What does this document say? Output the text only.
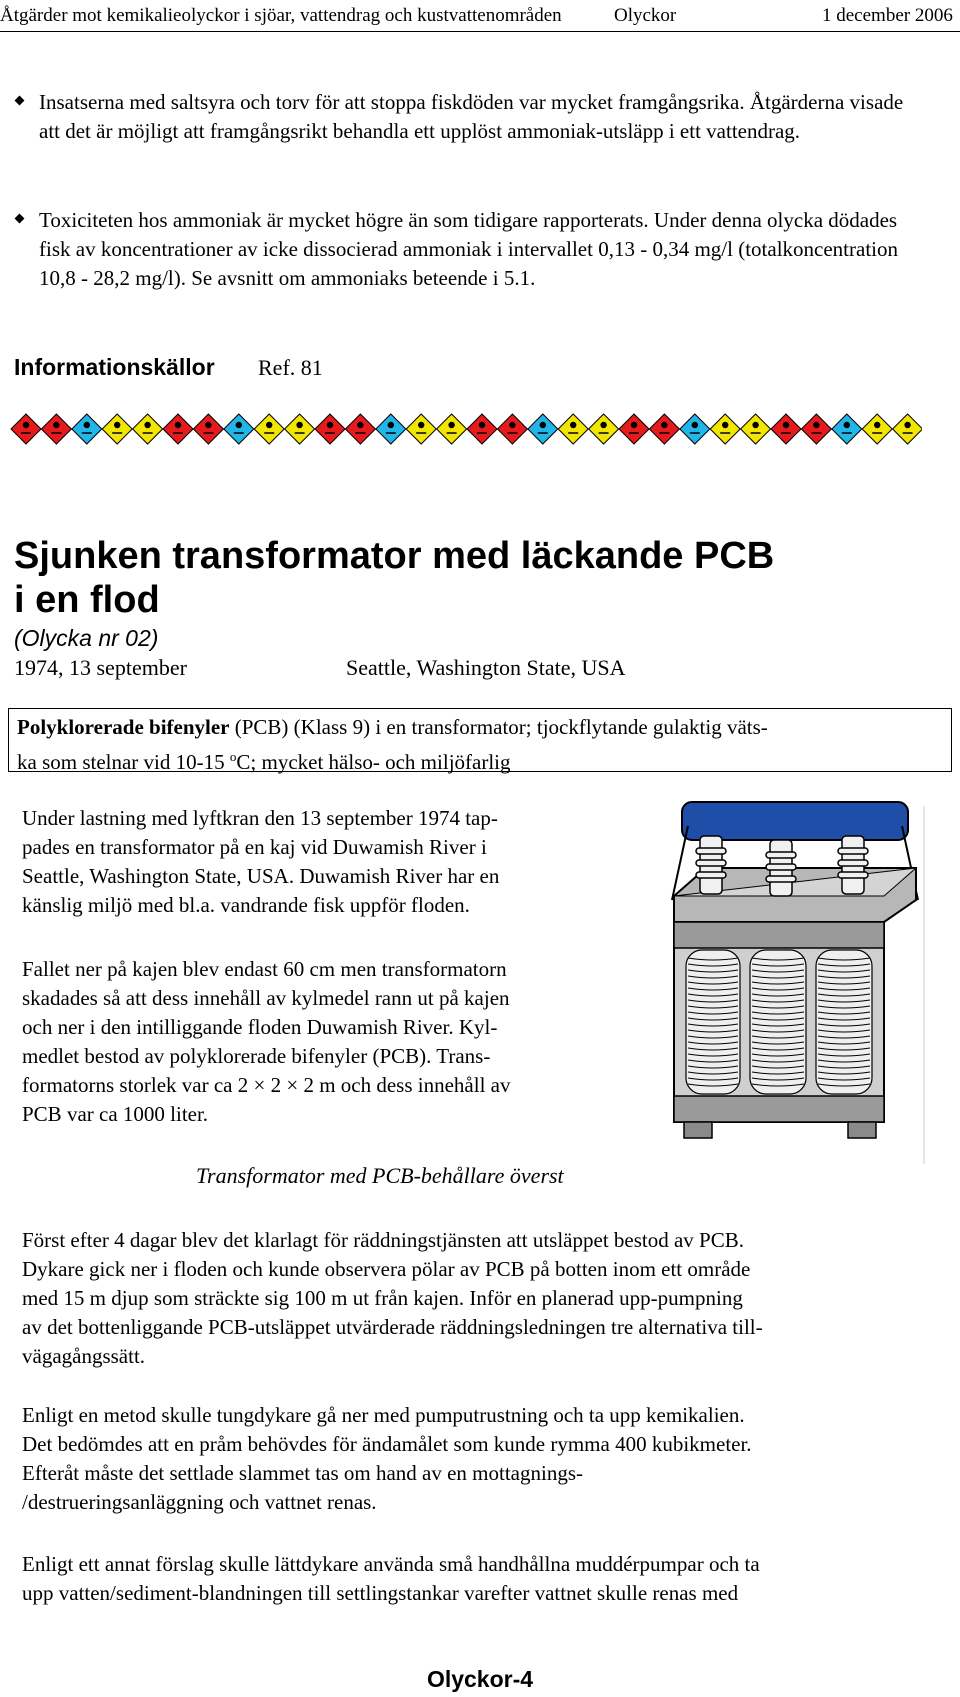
Åtgärder mot kemikalieolyckor i sjöar, vattendrag och kustvattenområden	Olyckor	1 december 2006
Insatserna med saltsyra och torv för att stoppa fiskdöden var mycket framgångsrika. Åtgärderna visade att det är möjligt att framgångsrikt behandla ett upplöst ammoniak-utsläpp i ett vattendrag.
Toxiciteten hos ammoniak är mycket högre än som tidigare rapporterats. Under denna olycka dödades fisk av koncentrationer av icke dissocierad ammoniak i intervallet 0,13 - 0,34 mg/l (totalkoncentration 10,8 - 28,2 mg/l). Se avsnitt om ammoniaks beteende i 5.1.
Informationskällor Ref. 81
Sjunken transformator med läckande PCB
i en flod
(Olycka nr 02)
1974, 13 september	Seattle, Washington State, USA
Polyklorerade bifenyler (PCB) (Klass 9) i en transformator; tjockflytande gulaktig väts-
ka som stelnar vid 10-15 $^o$C; mycket hälso- och miljöfarlig
Under lastning med lyftkran den 13 september 1974 tap-
pades en transformator på en kaj vid Duwamish River i
Seattle, Washington State, USA. Duwamish River har en
känslig miljö med bl.a. vandrande fisk uppför floden.
Fallet ner på kajen blev endast 60 cm men transformatorn
skadades så att dess innehåll av kylmedel rann ut på kajen
och ner i den intilliggande floden Duwamish River. Kyl-
medlet bestod av polyklorerade bifenyler (PCB). Trans-
formatorns storlek var ca 2 × 2 × 2 m och dess innehåll av
PCB var ca 1000 liter.
Transformator med PCB-behållare överst
Först efter 4 dagar blev det klarlagt för räddningstjänsten att utsläppet bestod av PCB.
Dykare gick ner i floden och kunde observera pölar av PCB på botten inom ett område
med 15 m djup som sträckte sig 100 m ut från kajen. Inför en planerad upp-pumpning
av det bottenliggande PCB-utsläppet utvärderade räddningsledningen tre alternativa till-
vägagångssätt.
Enligt en metod skulle tungdykare gå ner med pumputrustning och ta upp kemikalien.
Det bedömdes att en pråm behövdes för ändamålet som kunde rymma 400 kubikmeter.
Efteråt måste det settlade slammet tas om hand av en mottagnings-
/destrueringsanläggning och vattnet renas.
Enligt ett annat förslag skulle lättdykare använda små handhållna muddérpumpar och ta
upp vatten/sediment-blandningen till settlingstankar varefter vattnet skulle renas med
Olyckor-4
